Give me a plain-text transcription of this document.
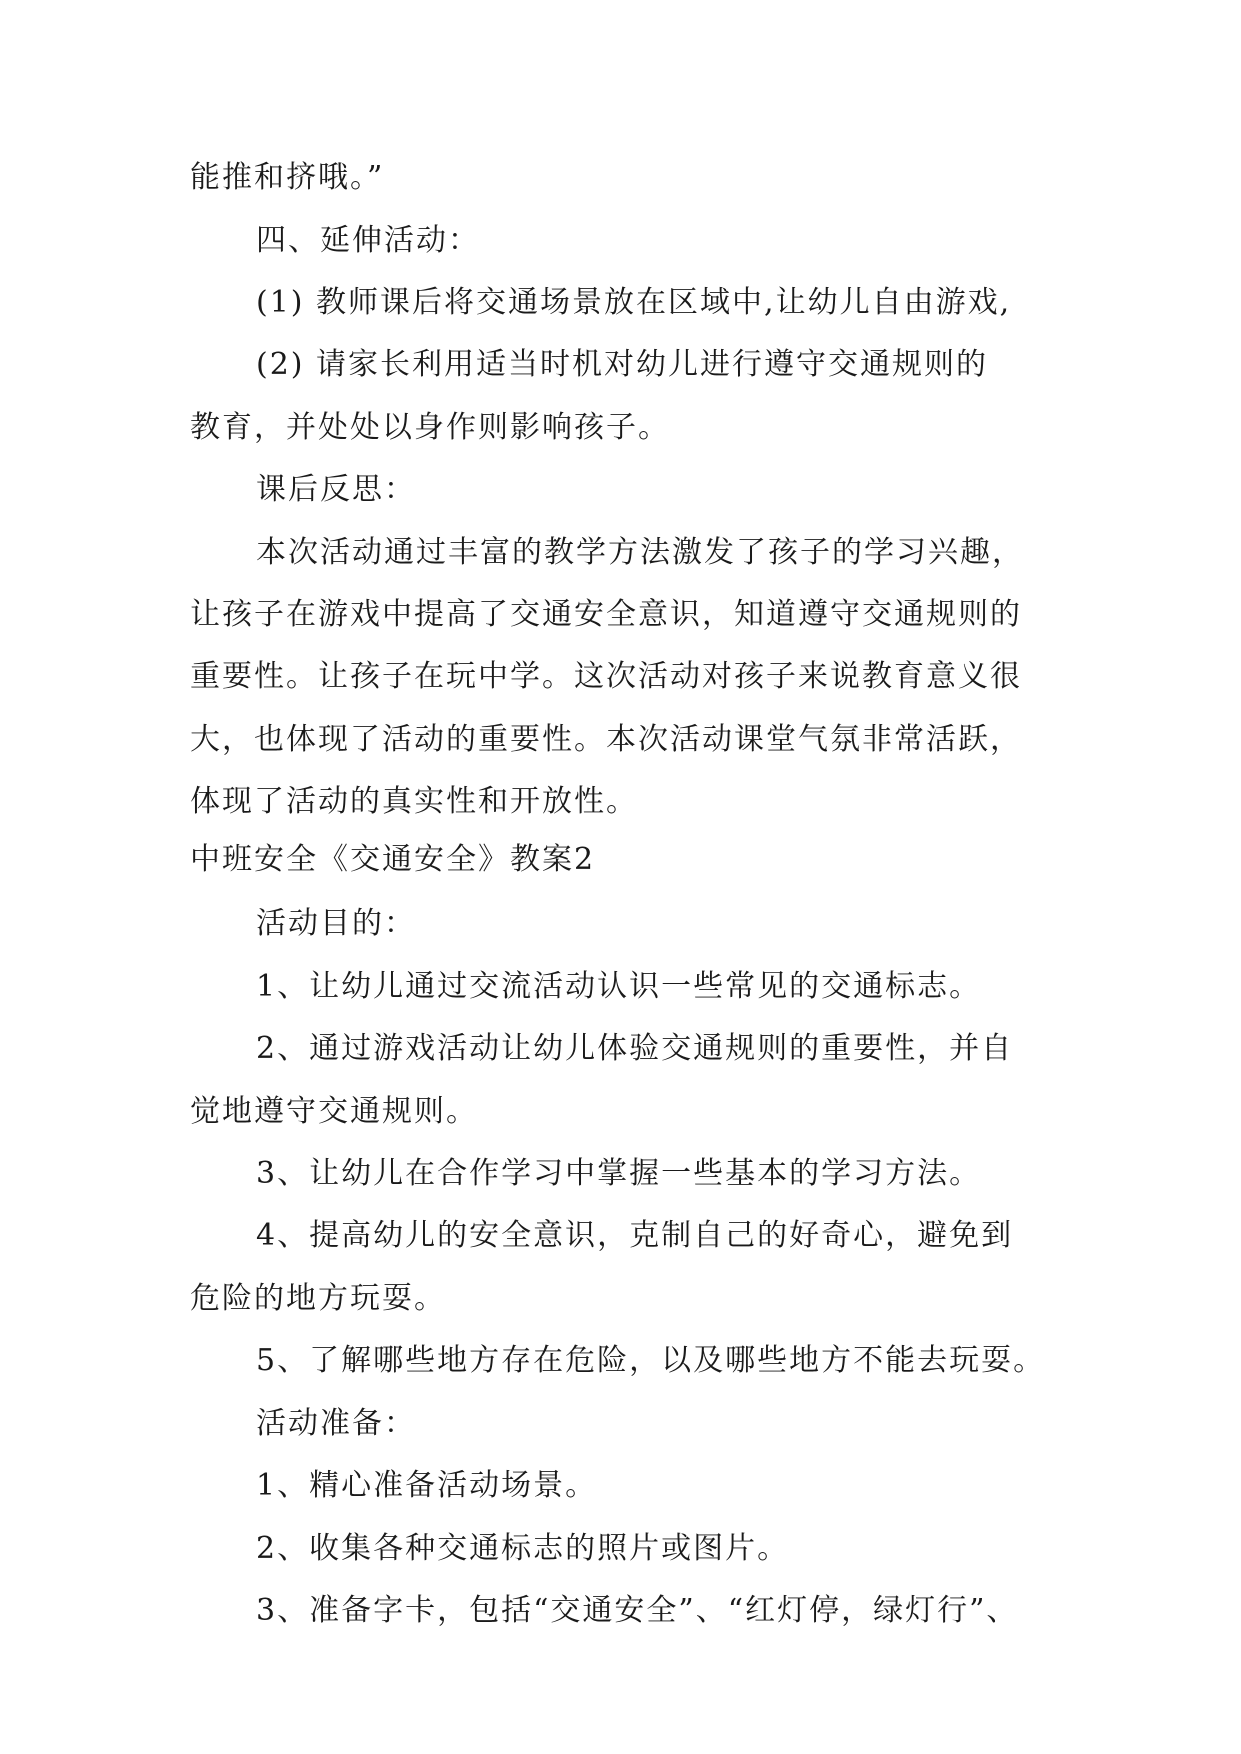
能推和挤哦。”
四、延伸活动：
(1) 教师课后将交通场景放在区域中,让幼儿自由游戏,
(2) 请家长利用适当时机对幼儿进行遵守交通规则的
教育，并处处以身作则影响孩子。
课后反思：
本次活动通过丰富的教学方法激发了孩子的学习兴趣，
让孩子在游戏中提高了交通安全意识，知道遵守交通规则的
重要性。让孩子在玩中学。这次活动对孩子来说教育意义很
大，也体现了活动的重要性。本次活动课堂气氛非常活跃，
体现了活动的真实性和开放性。
中班安全《交通安全》教案2
活动目的：
1、让幼儿通过交流活动认识一些常见的交通标志。
2、通过游戏活动让幼儿体验交通规则的重要性，并自
觉地遵守交通规则。
3、让幼儿在合作学习中掌握一些基本的学习方法。
4、提高幼儿的安全意识，克制自己的好奇心，避免到
危险的地方玩耍。
5、了解哪些地方存在危险，以及哪些地方不能去玩耍。
活动准备：
1、精心准备活动场景。
2、收集各种交通标志的照片或图片。
3、准备字卡，包括“交通安全”、“红灯停，绿灯行”、
